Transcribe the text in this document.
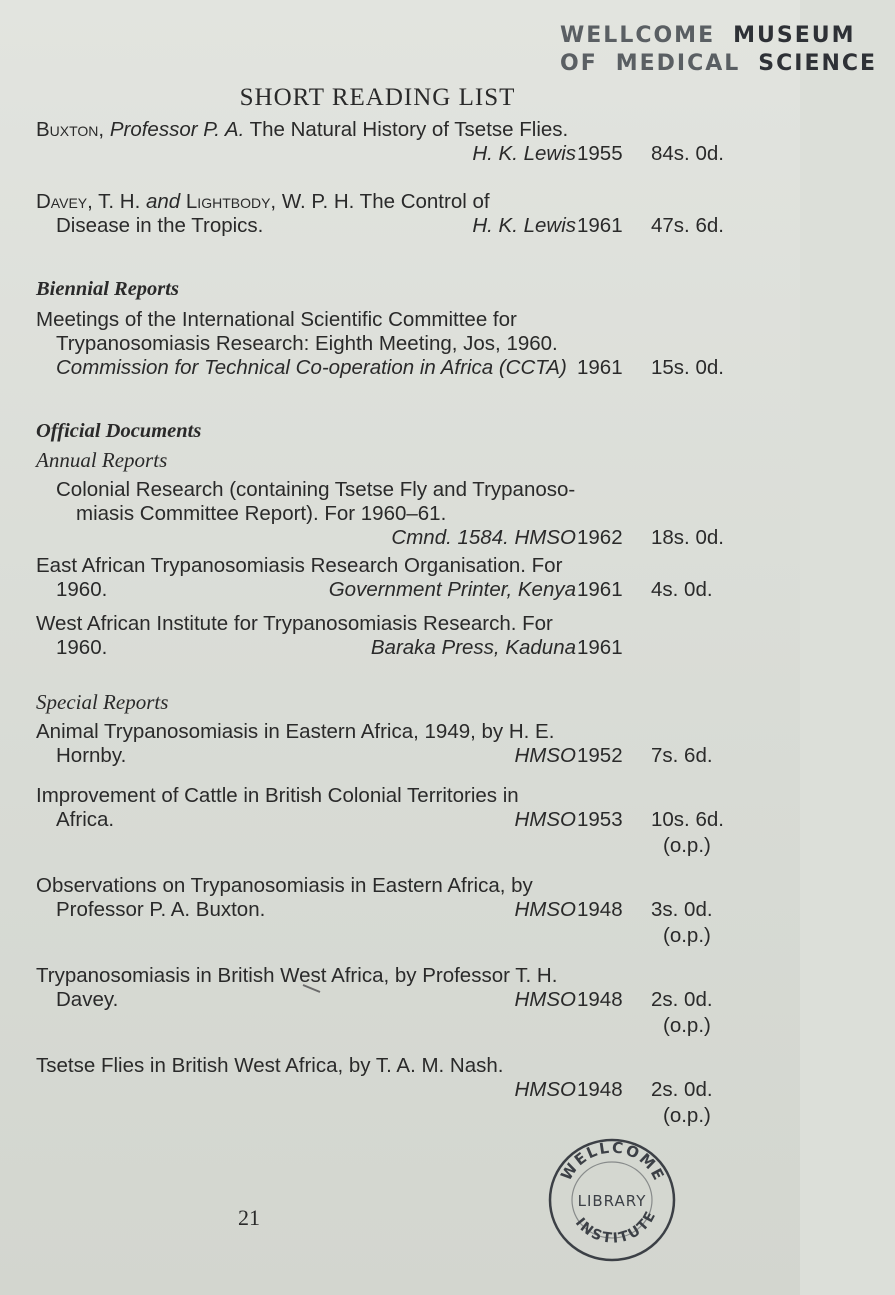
WELLCOME MUSEUM
OF MEDICAL SCIENCE
SHORT READING LIST
Buxton, Professor P. A. The Natural History of Tsetse Flies.
H. K. Lewis 1955 84s. 0d.
Davey, T. H. and Lightbody, W. P. H. The Control of
Disease in the Tropics.	H. K. Lewis 1961 47s. 6d.
Biennial Reports
Meetings of the International Scientific Committee for
Trypanosomiasis Research: Eighth Meeting, Jos, 1960.
Commission for Technical Co-operation in Africa (CCTA) 1961 15s. 0d.
Official Documents
Annual Reports
Colonial Research (containing Tsetse Fly and Trypanoso-
miasis Committee Report). For 1960–61.
Cmnd. 1584. HMSO 1962 18s. 0d.
East African Trypanosomiasis Research Organisation. For
1960.	Government Printer, Kenya 1961 4s. 0d.
West African Institute for Trypanosomiasis Research. For
1960.	Baraka Press, Kaduna 1961
Special Reports
Animal Trypanosomiasis in Eastern Africa, 1949, by H. E.
Hornby.	HMSO 1952 7s. 6d.
Improvement of Cattle in British Colonial Territories in
Africa.	HMSO 1953 10s. 6d.
(o.p.)
Observations on Trypanosomiasis in Eastern Africa, by
Professor P. A. Buxton.	HMSO 1948 3s. 0d.
(o.p.)
Trypanosomiasis in British West Africa, by Professor T. H.
Davey.	HMSO 1948 2s. 0d.
(o.p.)
Tsetse Flies in British West Africa, by T. A. M. Nash.
HMSO 1948 2s. 0d.
(o.p.)
21
WELLCOME
LIBRARY
INSTITUTE
